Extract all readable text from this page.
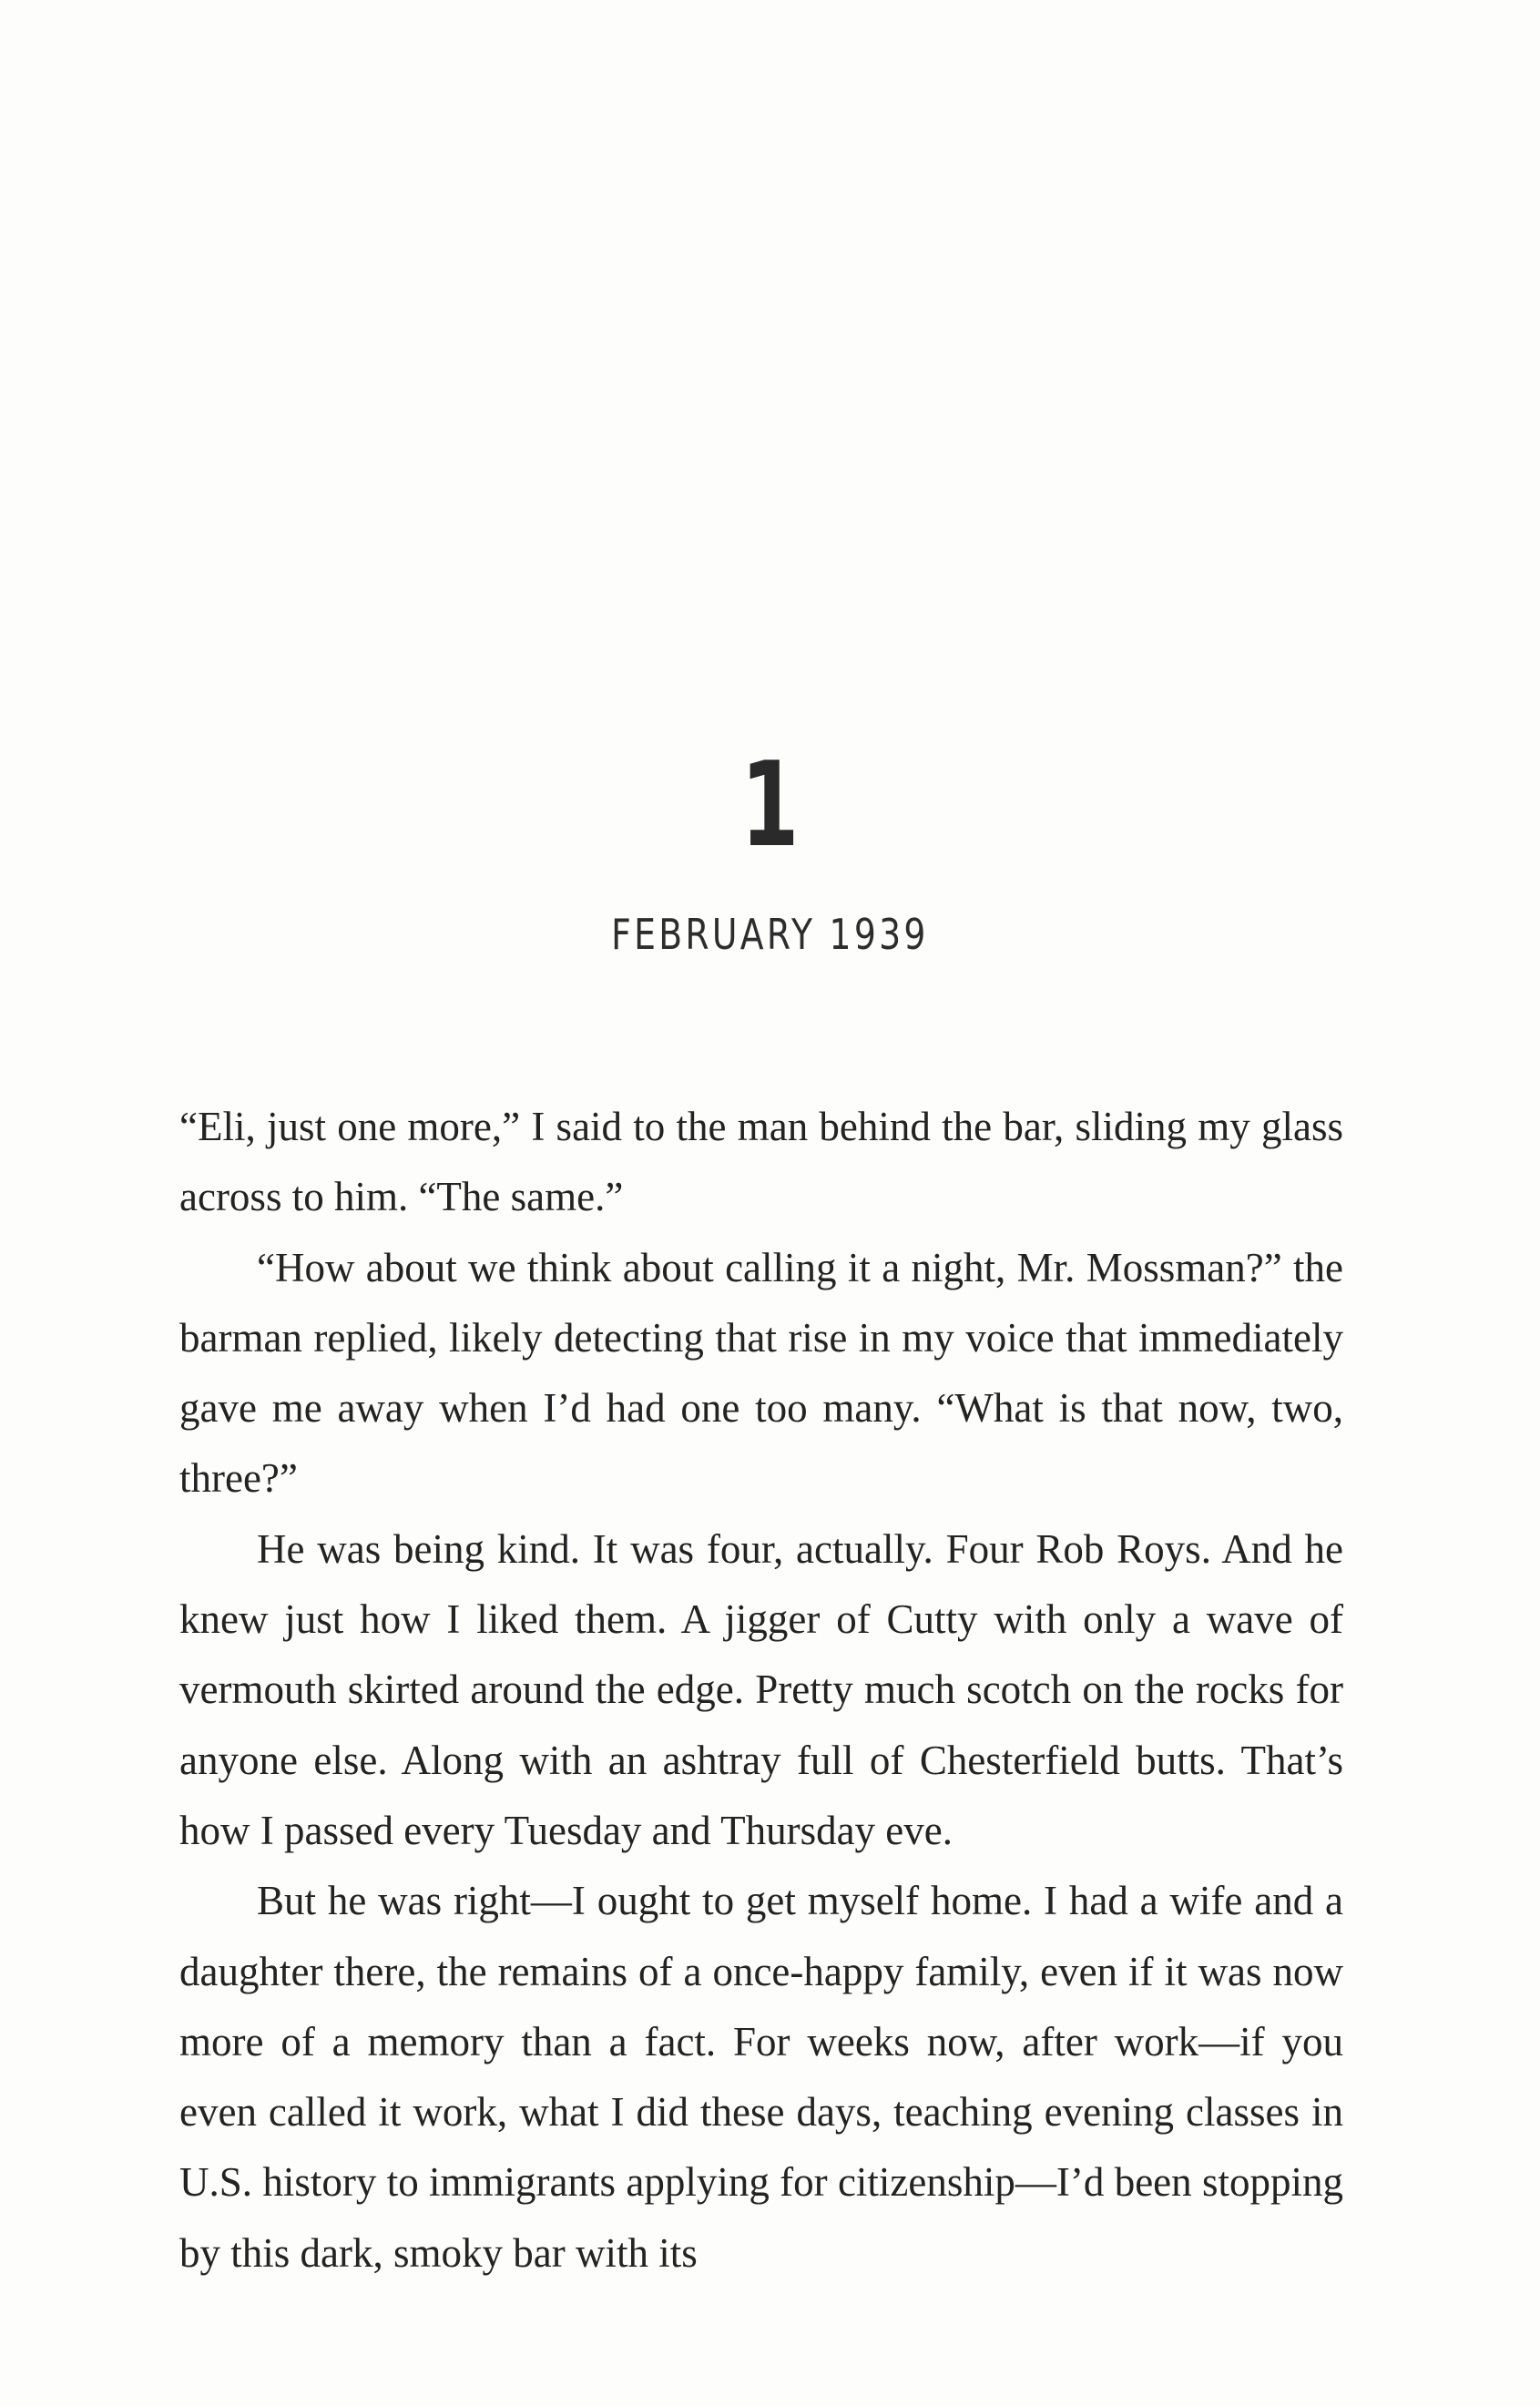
1
FEBRUARY 1939

“Eli, just one more,” I said to the man behind the bar, sliding my glass across to him. “The same.”

“How about we think about calling it a night, Mr. Mossman?” the barman replied, likely detecting that rise in my voice that immediately gave me away when I’d had one too many. “What is that now, two, three?”

He was being kind. It was four, actually. Four Rob Roys. And he knew just how I liked them. A jigger of Cutty with only a wave of vermouth skirted around the edge. Pretty much scotch on the rocks for anyone else. Along with an ashtray full of Chesterfield butts. That’s how I passed every Tuesday and Thursday eve.

But he was right—I ought to get myself home. I had a wife and a daughter there, the remains of a once-happy family, even if it was now more of a memory than a fact. For weeks now, after work—if you even called it work, what I did these days, teaching evening classes in U.S. history to immigrants applying for citizenship—I’d been stopping by this dark, smoky bar with its
